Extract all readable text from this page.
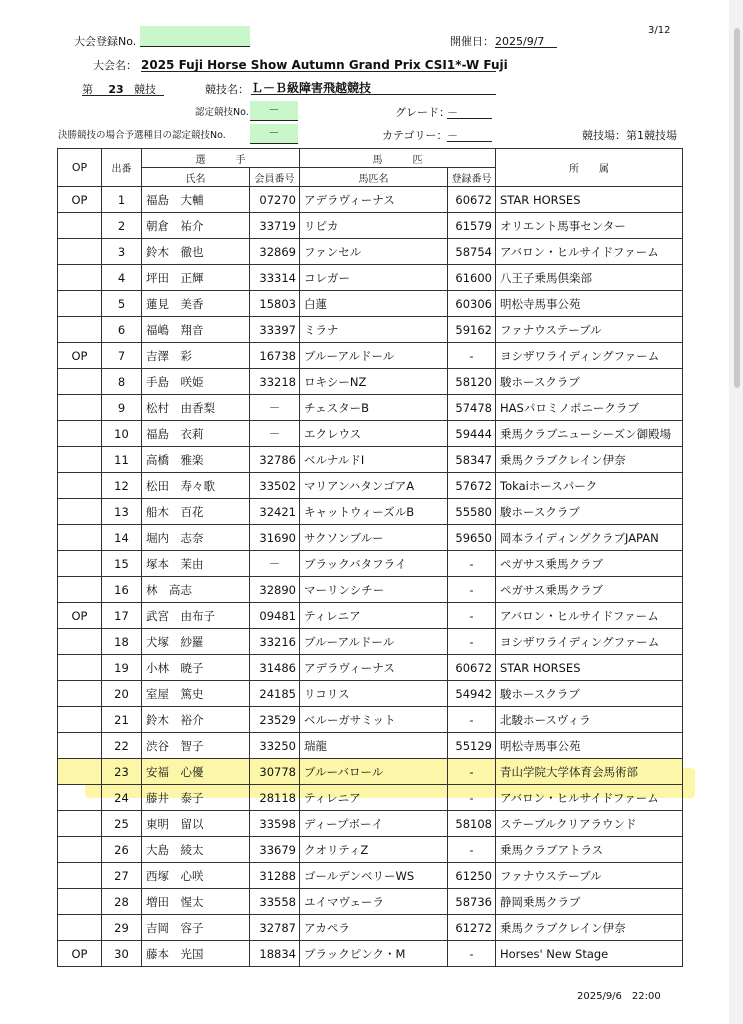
3/12
大会登録No.	開催日： 2025/9/7
大会名： 2025 Fuji Horse Show Autumn Grand Prix CSI1*-W Fuji
第	23 競技	競技名： Ｌ－Ｂ級障害飛越競技
認定競技No.	－	グレード：
－
決勝競技の場合予選種目の認定競技No.	－	カテゴリー： －	競技場：第1競技場
OP	出番	選　　　手		馬　　　匹		所　　属
		氏名	会員番号	馬匹名	登録番号	
OP	1	福島　大輔	07270	アデラヴィーナス	60672	STAR HORSES
	2	朝倉　祐介	33719	リピカ	61579	オリエント馬事センター
	3	鈴木　徹也	32869	ファンセル	58754	アバロン・ヒルサイドファーム
	4	坪田　正輝	33314	コレガー	61600	八王子乗馬倶楽部
	5	蓮見　美香	15803	白蓮	60306	明松寺馬事公苑
	6	福嶋　翔音	33397	ミラナ	59162	ファナウステーブル
OP	7	吉澤　彩	16738	ブルーアルドール	-	ヨシザワライディングファーム
	8	手島　咲姫	33218	ロキシーNZ	58120	駿ホースクラブ
	9	松村　由香梨	－	チェスターB	57478	HASパロミノポニークラブ
	10	福島　衣莉	－	エクレウス	59444	乗馬クラブニューシーズン御殿場
	11	高橋　雅楽	32786	ベルナルドI	58347	乗馬クラブクレイン伊奈
	12	松田　寿々歌	33502	マリアンハタンゴアA	57672	Tokaiホースパーク
	13	船木　百花	32421	キャットウィーズルB	55580	駿ホースクラブ
	14	堀内　志奈	31690	サクソンブルー	59650	岡本ライディングクラブJAPAN
	15	塚本　茉由	－	ブラックバタフライ	-	ペガサス乗馬クラブ
	16	林　高志	32890	マーリンシチー	-	ペガサス乗馬クラブ
OP	17	武宮　由布子	09481	ティレニア	-	アバロン・ヒルサイドファーム
	18	犬塚　紗羅	33216	ブルーアルドール	-	ヨシザワライディングファーム
	19	小林　暁子	31486	アデラヴィーナス	60672	STAR HORSES
	20	室屋　篤史	24185	リコリス	54942	駿ホースクラブ
	21	鈴木　裕介	23529	ベルーガサミット	-	北駿ホースヴィラ
	22	渋谷　智子	33250	瑞龍	55129	明松寺馬事公苑
	23	安福　心優	30778	ブルーバロール	-	青山学院大学体育会馬術部
	24	藤井　泰子	28118	ティレニア	-	アバロン・ヒルサイドファーム
	25	東明　留以	33598	ディープボーイ	58108	ステーブルクリアラウンド
	26	大島　綾太	33679	クオリティZ	-	乗馬クラブアトラス
	27	西塚　心咲	31288	ゴールデンベリーWS	61250	ファナウステーブル
	28	増田　惺太	33558	ユイマヴェーラ	58736	静岡乗馬クラブ
	29	吉岡　容子	32787	アカペラ	61272	乗馬クラブクレイン伊奈
OP	30	藤本　光国	18834	ブラックピンク・M	-	Horses' New Stage
2025/9/6　22:00
